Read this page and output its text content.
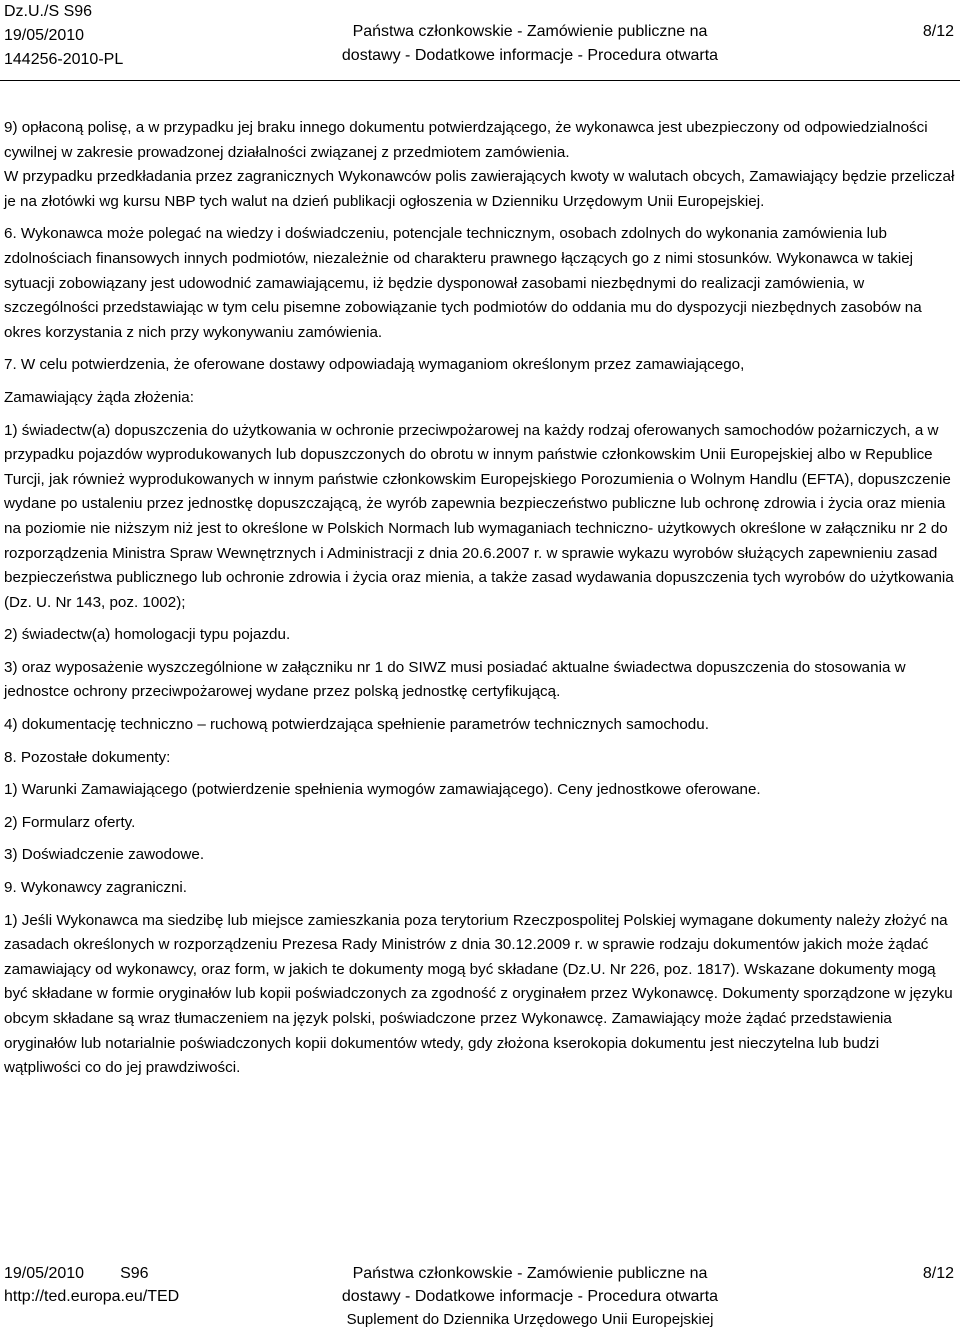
Dz.U./S S96
19/05/2010
144256-2010-PL
Państwa członkowskie - Zamówienie publiczne na
dostawy - Dodatkowe informacje - Procedura otwarta
8/12

9) opłaconą polisę, a w przypadku jej braku innego dokumentu potwierdzającego, że wykonawca jest ubezpieczony od odpowiedzialności cywilnej w zakresie prowadzonej działalności związanej z przedmiotem zamówienia.

W przypadku przedkładania przez zagranicznych Wykonawców polis zawierających kwoty w walutach obcych, Zamawiający będzie przeliczał je na złotówki wg kursu NBP tych walut na dzień publikacji ogłoszenia w Dzienniku Urzędowym Unii Europejskiej.

6. Wykonawca może polegać na wiedzy i doświadczeniu, potencjale technicznym, osobach zdolnych do wykonania zamówienia lub zdolnościach finansowych innych podmiotów, niezależnie od charakteru prawnego łączących go z nimi stosunków. Wykonawca w takiej sytuacji zobowiązany jest udowodnić zamawiającemu, iż będzie dysponował zasobami niezbędnymi do realizacji zamówienia, w szczególności przedstawiając w tym celu pisemne zobowiązanie tych podmiotów do oddania mu do dyspozycji niezbędnych zasobów na okres korzystania z nich przy wykonywaniu zamówienia.

7. W celu potwierdzenia, że oferowane dostawy odpowiadają wymaganiom określonym przez zamawiającego,

Zamawiający żąda złożenia:

1) świadectw(a) dopuszczenia do użytkowania w ochronie przeciwpożarowej na każdy rodzaj oferowanych samochodów pożarniczych, a w przypadku pojazdów wyprodukowanych lub dopuszczonych do obrotu w innym państwie członkowskim Unii Europejskiej albo w Republice Turcji, jak również wyprodukowanych w innym państwie członkowskim Europejskiego Porozumienia o Wolnym Handlu (EFTA), dopuszczenie wydane po ustaleniu przez jednostkę dopuszczającą, że wyrób zapewnia bezpieczeństwo publiczne lub ochronę zdrowia i życia oraz mienia na poziomie nie niższym niż jest to określone w Polskich Normach lub wymaganiach techniczno- użytkowych określone w załączniku nr 2 do rozporządzenia Ministra Spraw Wewnętrznych i Administracji z dnia 20.6.2007 r. w sprawie wykazu wyrobów służących zapewnieniu zasad bezpieczeństwa publicznego lub ochronie zdrowia i życia oraz mienia, a także zasad wydawania dopuszczenia tych wyrobów do użytkowania (Dz. U. Nr 143, poz. 1002);

2) świadectw(a) homologacji typu pojazdu.

3) oraz wyposażenie wyszczególnione w załączniku nr 1 do SIWZ musi posiadać aktualne świadectwa dopuszczenia do stosowania w jednostce ochrony przeciwpożarowej wydane przez polską jednostkę certyfikującą.

4) dokumentację techniczno – ruchową potwierdzająca spełnienie parametrów technicznych samochodu.

8. Pozostałe dokumenty:

1) Warunki Zamawiającego (potwierdzenie spełnienia wymogów zamawiającego). Ceny jednostkowe oferowane.

2) Formularz oferty.

3) Doświadczenie zawodowe.

9. Wykonawcy zagraniczni.

1) Jeśli Wykonawca ma siedzibę lub miejsce zamieszkania poza terytorium Rzeczpospolitej Polskiej wymagane dokumenty należy złożyć na zasadach określonych w rozporządzeniu Prezesa Rady Ministrów z dnia 30.12.2009 r. w sprawie rodzaju dokumentów jakich może żądać zamawiający od wykonawcy, oraz form, w jakich te dokumenty mogą być składane (Dz.U. Nr 226, poz. 1817). Wskazane dokumenty mogą być składane w formie oryginałów lub kopii poświadczonych za zgodność z oryginałem przez Wykonawcę. Dokumenty sporządzone w języku obcym składane są wraz tłumaczeniem na język polski, poświadczone przez Wykonawcę. Zamawiający może żądać przedstawienia oryginałów lub notarialnie poświadczonych kopii dokumentów wtedy, gdy złożona kserokopia dokumentu jest nieczytelna lub budzi wątpliwości co do jej prawdziwości.

19/05/2010 S96
http://ted.europa.eu/TED
Państwa członkowskie - Zamówienie publiczne na
dostawy - Dodatkowe informacje - Procedura otwarta
Suplement do Dziennika Urzędowego Unii Europejskiej
8/12
